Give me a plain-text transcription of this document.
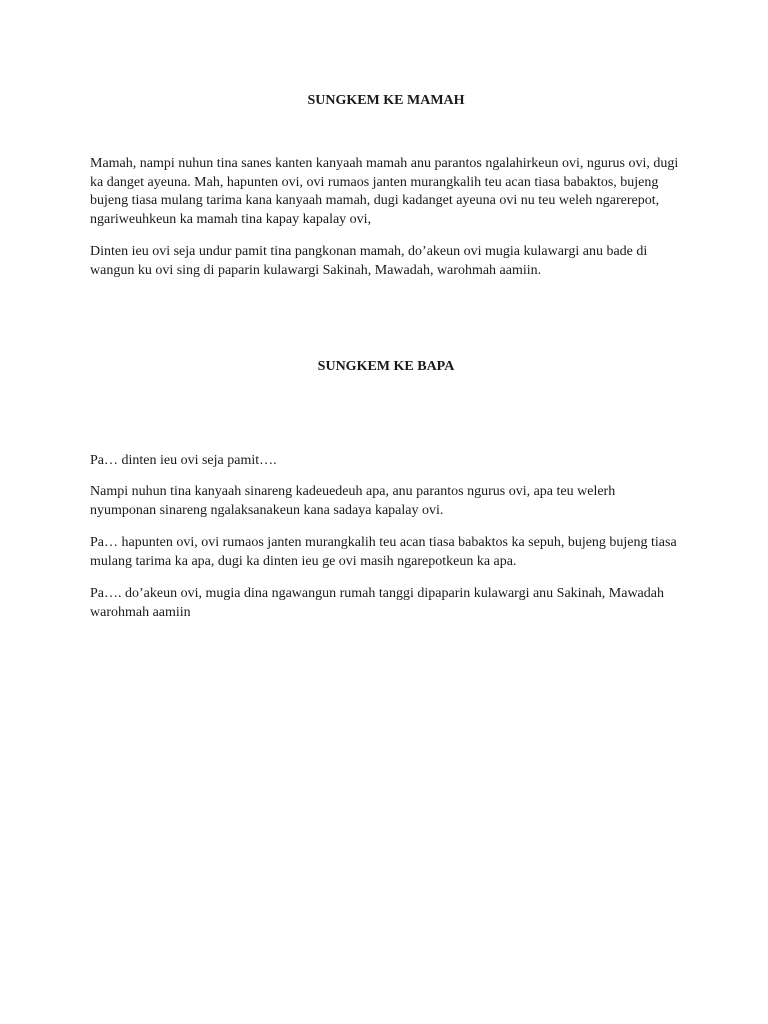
SUNGKEM KE MAMAH

Mamah, nampi nuhun tina sanes kanten kanyaah mamah anu parantos ngalahirkeun ovi, ngurus ovi, dugi ka danget ayeuna. Mah, hapunten ovi, ovi rumaos janten murangkalih teu acan tiasa babaktos, bujeng bujeng tiasa mulang tarima kana kanyaah mamah, dugi kadanget ayeuna ovi nu teu weleh ngarerepot, ngariweuhkeun ka mamah tina kapay kapalay ovi,

Dinten ieu ovi seja undur pamit tina pangkonan mamah, do’akeun ovi mugia kulawargi anu bade di wangun ku ovi sing di paparin kulawargi Sakinah, Mawadah, warohmah aamiin.

SUNGKEM KE BAPA

Pa… dinten ieu ovi seja pamit….

Nampi nuhun tina kanyaah sinareng kadeuedeuh apa, anu parantos ngurus ovi, apa teu welerh nyumponan sinareng ngalaksanakeun kana sadaya kapalay ovi.

Pa… hapunten ovi, ovi rumaos janten murangkalih teu acan tiasa babaktos ka sepuh, bujeng bujeng tiasa mulang tarima ka apa, dugi ka dinten ieu ge ovi masih ngarepotkeun ka apa.

Pa…. do’akeun ovi, mugia dina ngawangun rumah tanggi dipaparin kulawargi anu Sakinah, Mawadah warohmah aamiin
